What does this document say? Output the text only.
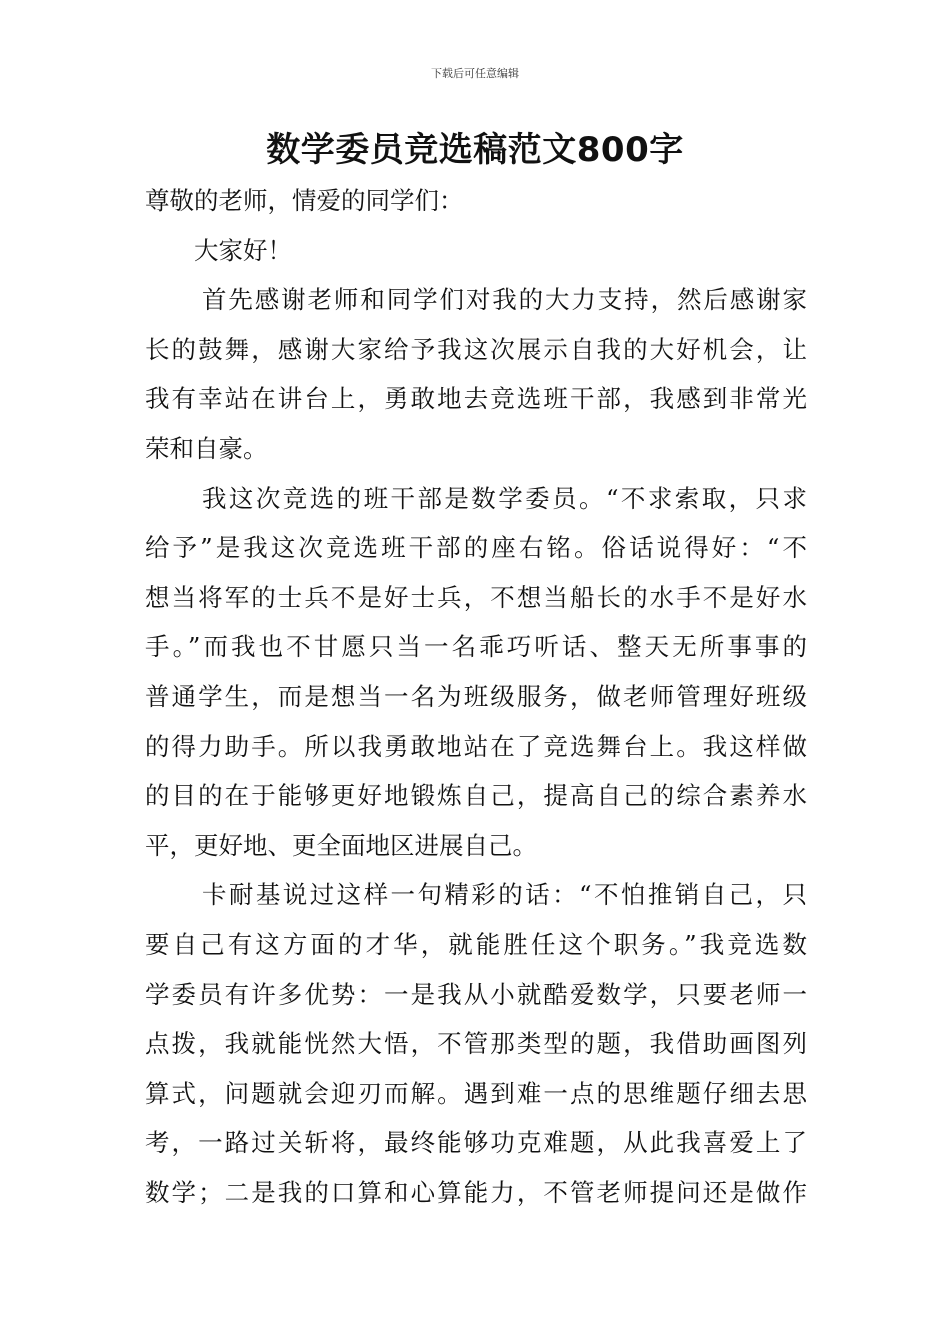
下载后可任意编辑
数学委员竞选稿范文800字
尊敬的老师，情爱的同学们：
大家好！
首先感谢老师和同学们对我的大力支持，然后感谢家
长的鼓舞，感谢大家给予我这次展示自我的大好机会，让
我有幸站在讲台上，勇敢地去竞选班干部，我感到非常光
荣和自豪。
我这次竞选的班干部是数学委员。“不求索取，只求
给予”是我这次竞选班干部的座右铭。俗话说得好：“不
想当将军的士兵不是好士兵，不想当船长的水手不是好水
手。”而我也不甘愿只当一名乖巧听话、整天无所事事的
普通学生，而是想当一名为班级服务，做老师管理好班级
的得力助手。所以我勇敢地站在了竞选舞台上。我这样做
的目的在于能够更好地锻炼自己，提高自己的综合素养水
平，更好地、更全面地区进展自己。
卡耐基说过这样一句精彩的话：“不怕推销自己，只
要自己有这方面的才华，就能胜任这个职务。”我竞选数
学委员有许多优势：一是我从小就酷爱数学，只要老师一
点拨，我就能恍然大悟，不管那类型的题，我借助画图列
算式，问题就会迎刃而解。遇到难一点的思维题仔细去思
考，一路过关斩将，最终能够功克难题，从此我喜爱上了
数学；二是我的口算和心算能力，不管老师提问还是做作
